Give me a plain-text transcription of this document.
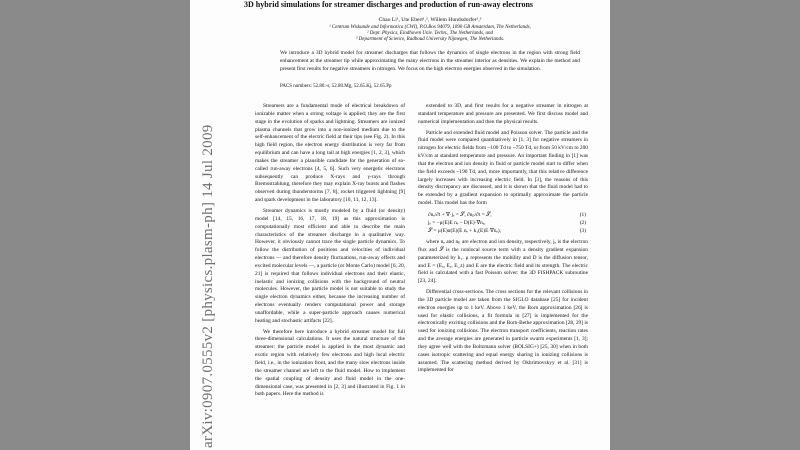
arXiv:0907.0555v2 [physics.plasm-ph] 14 Jul 2009
3D hybrid simulations for streamer discharges and production of run-away electrons
Chao Li¹, Ute Ebert¹,², Willem Hundsdorfer¹,³
¹ Centrum Wiskunde and Informatica (CWI), P.O.Box 94079, 1090 GB Amsterdam, The Netherlands,
² Dept. Physics, Eindhoven Univ. Techn., The Netherlands, and
³ Department of Science, Radboud University Nijmegen, The Netherlands.
We introduce a 3D hybrid model for streamer discharges that follows the dynamics of single electrons in the region with strong field enhancement at the streamer tip while approximating the many electrons in the streamer interior as densities. We explain the method and present first results for negative streamers in nitrogen. We focus on the high electron energies observed in the simulation.
PACS numbers: 52.80.-s, 52.80.Mg, 52.65.Kj, 52.65.Pp

Streamers are a fundamental mode of electrical breakdown of ionizable matter when a strong voltage is applied; they are the first stage in the evolution of sparks and lightning. Streamers are ionized plasma channels that grow into a non-ionized medium due to the self-enhancement of the electric field at their tips (see Fig. 2). In this high field region, the electron energy distribution is very far from equilibrium and can have a long tail at high energies [1, 2, 3], which makes the streamer a plausible candidate for the generation of so-called run-away electrons [4, 5, 6]. Such very energetic electrons subsequently can produce X-rays and γ-rays through Bremsstrahlung, therefore they may explain X-ray bursts and flashes observed during thunderstorms [7, 8], rocket triggered lightning [9] and spark development in the laboratory [10, 11, 12, 13].

Streamer dynamics is mostly modeled by a fluid (or density) model [14, 15, 16, 17, 18, 19] as this approximation is computationally most efficient and able to describe the main characteristics of the streamer discharge in a qualitative way. However, it obviously cannot trace the single particle dynamics. To follow the distribution of positions and velocities of individual electrons — and therefore density fluctuations, run-away effects and excited molecular levels —, a particle (or Monte Carlo) model [6, 20, 21] is required that follows individual electrons and their elastic, inelastic and ionizing collisions with the background of neutral molecules. However, the particle model is not suitable to study the single electron dynamics either, because the increasing number of electrons eventually renders computational power and storage unaffordable, while a super-particle approach causes numerical heating and stochastic artifacts [22].

We therefore here introduce a hybrid streamer model for full three-dimensional calculations. It uses the natural structure of the streamer: the particle model is applied in the most dynamic and exotic region with relatively few electrons and high local electric field, i.e., in the ionization front, and the many slow electrons inside the streamer channel are left to the fluid model. How to implement the spatial coupling of density and fluid model in the one-dimensional case, was presented in [2, 3] and illustrated in Fig. 1 in both papers. Here the method is

extended to 3D, and first results for a negative streamer in nitrogen at standard temperature and pressure are presented. We first discuss model and numerical implementation and then the physical results.

Particle and extended fluid model and Poisson solver. The particle and the fluid model were compared quantitatively in [1, 3] for negative streamers in nitrogen for electric fields from ~100 Td to ~750 Td, or from 50 kV/cm to 200 kV/cm at standard temperature and pressure. An important finding in [1] was that the electron and ion density in fluid or particle model start to differ when the field exceeds ~190 Td, and, more importantly, that this relative difference largely increases with increasing electric field. In [3], the reasons of this density discrepancy are discussed, and it is shown that the fluid model had to be extended by a gradient expansion to optimally approximate the particle model. This model has the form

∂nₑ/∂t + ∇·jₑ = 𝒮, ∂nₚ/∂t = 𝒮,	(1)
jₑ = −μ(E)E nₑ − D(E)·∇nₑ,	(2)
𝒮 = μ(E)α(E)(E nₑ + k₁(E)E·∇nₑ),	(3)

where nₑ and nₚ are electron and ion density, respectively, jₑ is the electron flux and 𝒮 is the nonlocal source term with a density gradient expansion parameterized by k₁. μ represents the mobility and D is the diffusion tensor, and E = (Eₓ, Eᵧ, E_z) and E are the electric field and its strength. The electric field is calculated with a fast Poisson solver: the 3D FISHPACK subroutine [23, 24].

Differential cross-sections. The cross sections for the relevant collisions in the 3D particle model are taken from the SIGLO database [25] for incident electron energies up to 1 keV. Above 1 keV, the Born approximation [26] is used for elastic collisions, a fit formula in [27] is implemented for the electronically exciting collisions and the Born-Bethe approximation [28, 29] is used for ionizing collisions. The electron transport coefficients, reaction rates and the average energies are generated in particle swarm experiments [1, 3]; they agree well with the Boltzmann solver (BOLSIG+) [25, 30] when in both cases isotropic scattering and equal energy sharing in ionizing collisions is assumed. The scattering method derived by Okhrimovskyy et al. [31] is implemented for
